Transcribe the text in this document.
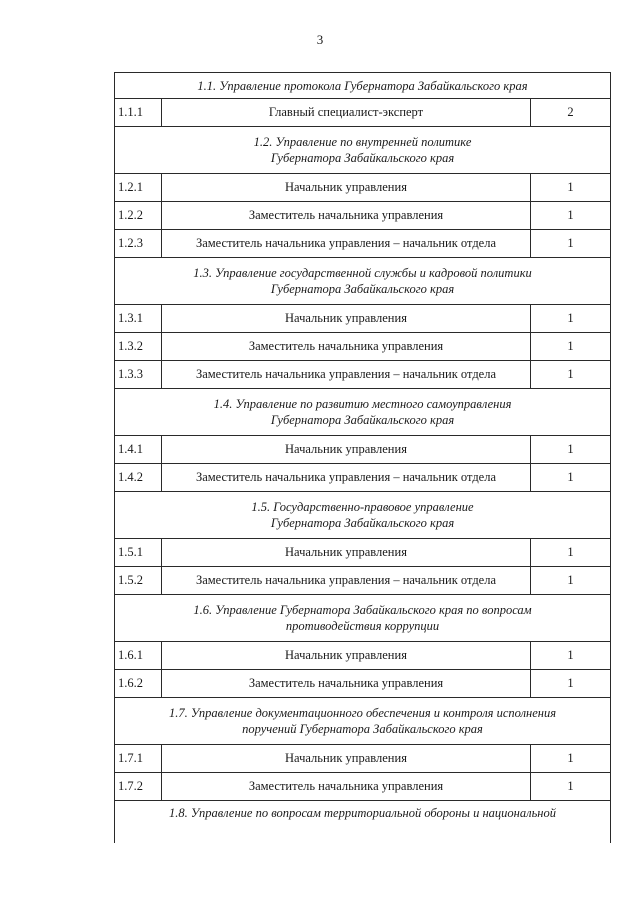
3
1.1. Управление протокола Губернатора Забайкальского края		

1.1.1	Главный специалист-эксперт	2

1.2. Управление по внутренней политике
Губернатора Забайкальского края		

1.2.1	Начальник управления	1
1.2.2	Заместитель начальника управления	1
1.2.3	Заместитель начальника управления – начальник отдела	1

1.3. Управление государственной службы и кадровой политики
Губернатора Забайкальского края		

1.3.1	Начальник управления	1
1.3.2	Заместитель начальника управления	1
1.3.3	Заместитель начальника управления – начальник отдела	1

1.4. Управление по развитию местного самоуправления
Губернатора Забайкальского края		

1.4.1	Начальник управления	1
1.4.2	Заместитель начальника управления – начальник отдела	1

1.5. Государственно-правовое управление
Губернатора Забайкальского края		

1.5.1	Начальник управления	1
1.5.2	Заместитель начальника управления – начальник отдела	1

1.6. Управление Губернатора Забайкальского края по вопросам
противодействия коррупции		

1.6.1	Начальник управления	1
1.6.2	Заместитель начальника управления	1

1.7. Управление документационного обеспечения и контроля исполнения
поручений Губернатора Забайкальского края		

1.7.1	Начальник управления	1
1.7.2	Заместитель начальника управления	1

1.8. Управление по вопросам территориальной обороны и национальной		
